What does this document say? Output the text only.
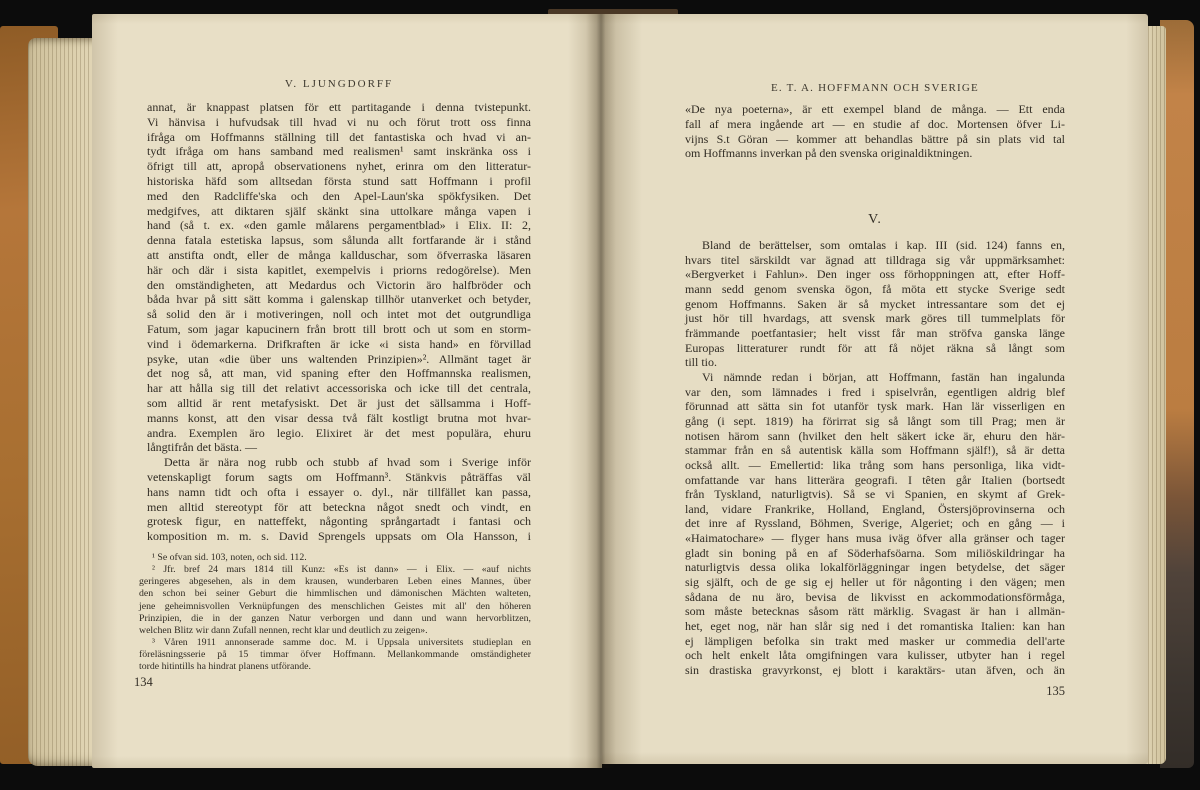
V. LJUNGDORFF
annat, är knappast platsen för ett partitagande i denna tvistepunkt.
Vi hänvisa i hufvudsak till hvad vi nu och förut trott oss finna
ifråga om Hoffmanns ställning till det fantastiska och hvad vi an-
tydt ifråga om hans samband med realismen¹ samt inskränka oss i
öfrigt till att, apropå observationens nyhet, erinra om den litteratur-
historiska häfd som alltsedan första stund satt Hoffmann i profil
med den Radcliffe'ska och den Apel-Laun'ska spökfysiken. Det
medgifves, att diktaren själf skänkt sina uttolkare många vapen i
hand (så t. ex. «den gamle målarens pergamentblad» i Elix. II: 2,
denna fatala estetiska lapsus, som sålunda allt fortfarande är i stånd
att anstifta ondt, eller de många kallduschar, som öfverraska läsaren
här och där i sista kapitlet, exempelvis i priorns redogörelse). Men
den omständigheten, att Medardus och Victorin äro halfbröder och
båda hvar på sitt sätt komma i galenskap tillhör utanverket och betyder,
så solid den är i motiveringen, noll och intet mot det outgrundliga
Fatum, som jagar kapucinern från brott till brott och ut som en storm-
vind i ödemarkerna. Drifkraften är icke «i sista hand» en förvillad
psyke, utan «die über uns waltenden Prinzipien»². Allmänt taget är
det nog så, att man, vid spaning efter den Hoffmannska realismen,
har att hålla sig till det relativt accessoriska och icke till det centrala,
som alltid är rent metafysiskt. Det är just det sällsamma i Hoff-
manns konst, att den visar dessa två fält kostligt brutna mot hvar-
andra. Exemplen äro legio. Elixiret är det mest populära, ehuru
långtifrån det bästa. —
Detta är nära nog rubb och stubb af hvad som i Sverige inför
vetenskapligt forum sagts om Hoffmann³. Stänkvis påträffas väl
hans namn tidt och ofta i essayer o. dyl., när tillfället kan passa,
men alltid stereotypt för att beteckna något snedt och vindt, en
grotesk figur, en natteffekt, någonting språngartadt i fantasi och
komposition m. m. s. David Sprengels uppsats om Ola Hansson, i
¹ Se ofvan sid. 103, noten, och sid. 112.
² Jfr. bref 24 mars 1814 till Kunz: «Es ist dann» — i Elix. — «auf nichts
geringeres abgesehen, als in dem krausen, wunderbaren Leben eines Mannes, über
den schon bei seiner Geburt die himmlischen und dämonischen Mächten walteten,
jene geheimnisvollen Verknüpfungen des menschlichen Geistes mit all' den höheren
Prinzipien, die in der ganzen Natur verborgen und dann und wann hervorblitzen,
welchen Blitz wir dann Zufall nennen, recht klar und deutlich zu zeigen».
³ Våren 1911 annonserade samme doc. M. i Uppsala universitets studieplan en
föreläsningsserie på 15 timmar öfver Hoffmann. Mellankommande omständigheter
torde hitintills ha hindrat planens utförande.
134
E. T. A. HOFFMANN OCH SVERIGE
«De nya poeterna», är ett exempel bland de många. — Ett enda
fall af mera ingående art — en studie af doc. Mortensen öfver Li-
vijns S.t Göran — kommer att behandlas bättre på sin plats vid tal
om Hoffmanns inverkan på den svenska originaldiktningen.
V.
Bland de berättelser, som omtalas i kap. III (sid. 124) fanns en,
hvars titel särskildt var ägnad att tilldraga sig vår uppmärksamhet:
«Bergverket i Fahlun». Den inger oss förhoppningen att, efter Hoff-
mann sedd genom svenska ögon, få möta ett stycke Sverige sedt
genom Hoffmanns. Saken är så mycket intressantare som det ej
just hör till hvardags, att svensk mark göres till tummelplats för
främmande poetfantasier; helt visst får man ströfva ganska länge
Europas litteraturer rundt för att få nöjet räkna så långt som
till tio.
Vi nämnde redan i början, att Hoffmann, fastän han ingalunda
var den, som lämnades i fred i spiselvrån, egentligen aldrig blef
förunnad att sätta sin fot utanför tysk mark. Han lär visserligen en
gång (i sept. 1819) ha förirrat sig så långt som till Prag; men är
notisen härom sann (hvilket den helt säkert icke är, ehuru den här-
stammar från en så autentisk källa som Hoffmann själf!), så är detta
också allt. — Emellertid: lika trång som hans personliga, lika vidt-
omfattande var hans litterära geografi. I têten går Italien (bortsedt
från Tyskland, naturligtvis). Så se vi Spanien, en skymt af Grek-
land, vidare Frankrike, Holland, England, Östersjöprovinserna och
det inre af Ryssland, Böhmen, Sverige, Algeriet; och en gång — i
«Haimatochare» — flyger hans musa iväg öfver alla gränser och tager
gladt sin boning på en af Söderhafsöarna. Som miliöskildringar ha
naturligtvis dessa olika lokalförläggningar ingen betydelse, det säger
sig själft, och de ge sig ej heller ut för någonting i den vägen; men
sådana de nu äro, bevisa de likvisst en ackommodationsförmåga,
som måste betecknas såsom rätt märklig. Svagast är han i allmän-
het, eget nog, när han slår sig ned i det romantiska Italien: kan han
ej lämpligen befolka sin trakt med masker ur commedia dell'arte
och helt enkelt låta omgifningen vara kulisser, utbyter han i regel
sin drastiska gravyrkonst, ej blott i karaktärs- utan äfven, och än
135
